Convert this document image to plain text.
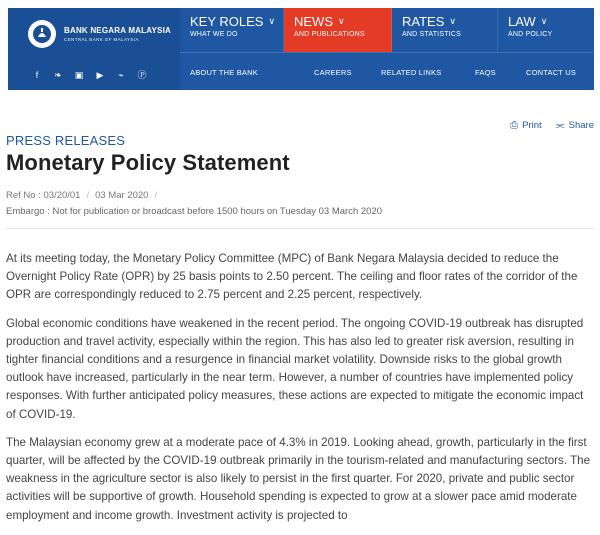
BANK NEGARA MALAYSIA
CENTRAL BANK OF MALAYSIA
f	❧ ▣ ▶ ⌁ Ⓟ
KEY ROLES ∨
WHAT WE DO
NEWS ∨
AND PUBLICATIONS
RATES ∨
AND STATISTICS
LAW ∨
AND POLICY
ABOUT THE BANK	CAREERS	RELATED LINKS	FAQS	CONTACT US
⎙ Print ⫘ Share
PRESS RELEASES
Monetary Policy Statement
Ref No : 03/20/01 / 03 Mar 2020 /
Embargo : Not for publication or broadcast before 1500 hours on Tuesday 03 March 2020

At its meeting today, the Monetary Policy Committee (MPC) of Bank Negara Malaysia decided to reduce the Overnight Policy Rate (OPR) by 25 basis points to 2.50 percent. The ceiling and floor rates of the corridor of the OPR are correspondingly reduced to 2.75 percent and 2.25 percent, respectively.

Global economic conditions have weakened in the recent period. The ongoing COVID-19 outbreak has disrupted production and travel activity, especially within the region. This has also led to greater risk aversion, resulting in tighter financial conditions and a resurgence in financial market volatility. Downside risks to the global growth outlook have increased, particularly in the near term. However, a number of countries have implemented policy responses. With further anticipated policy measures, these actions are expected to mitigate the economic impact of COVID-19.

The Malaysian economy grew at a moderate pace of 4.3% in 2019. Looking ahead, growth, particularly in the first quarter, will be affected by the COVID-19 outbreak primarily in the tourism-related and manufacturing sectors. The weakness in the agriculture sector is also likely to persist in the first quarter. For 2020, private and public sector activities will be supportive of growth. Household spending is expected to grow at a slower pace amid moderate employment and income growth. Investment activity is projected to
